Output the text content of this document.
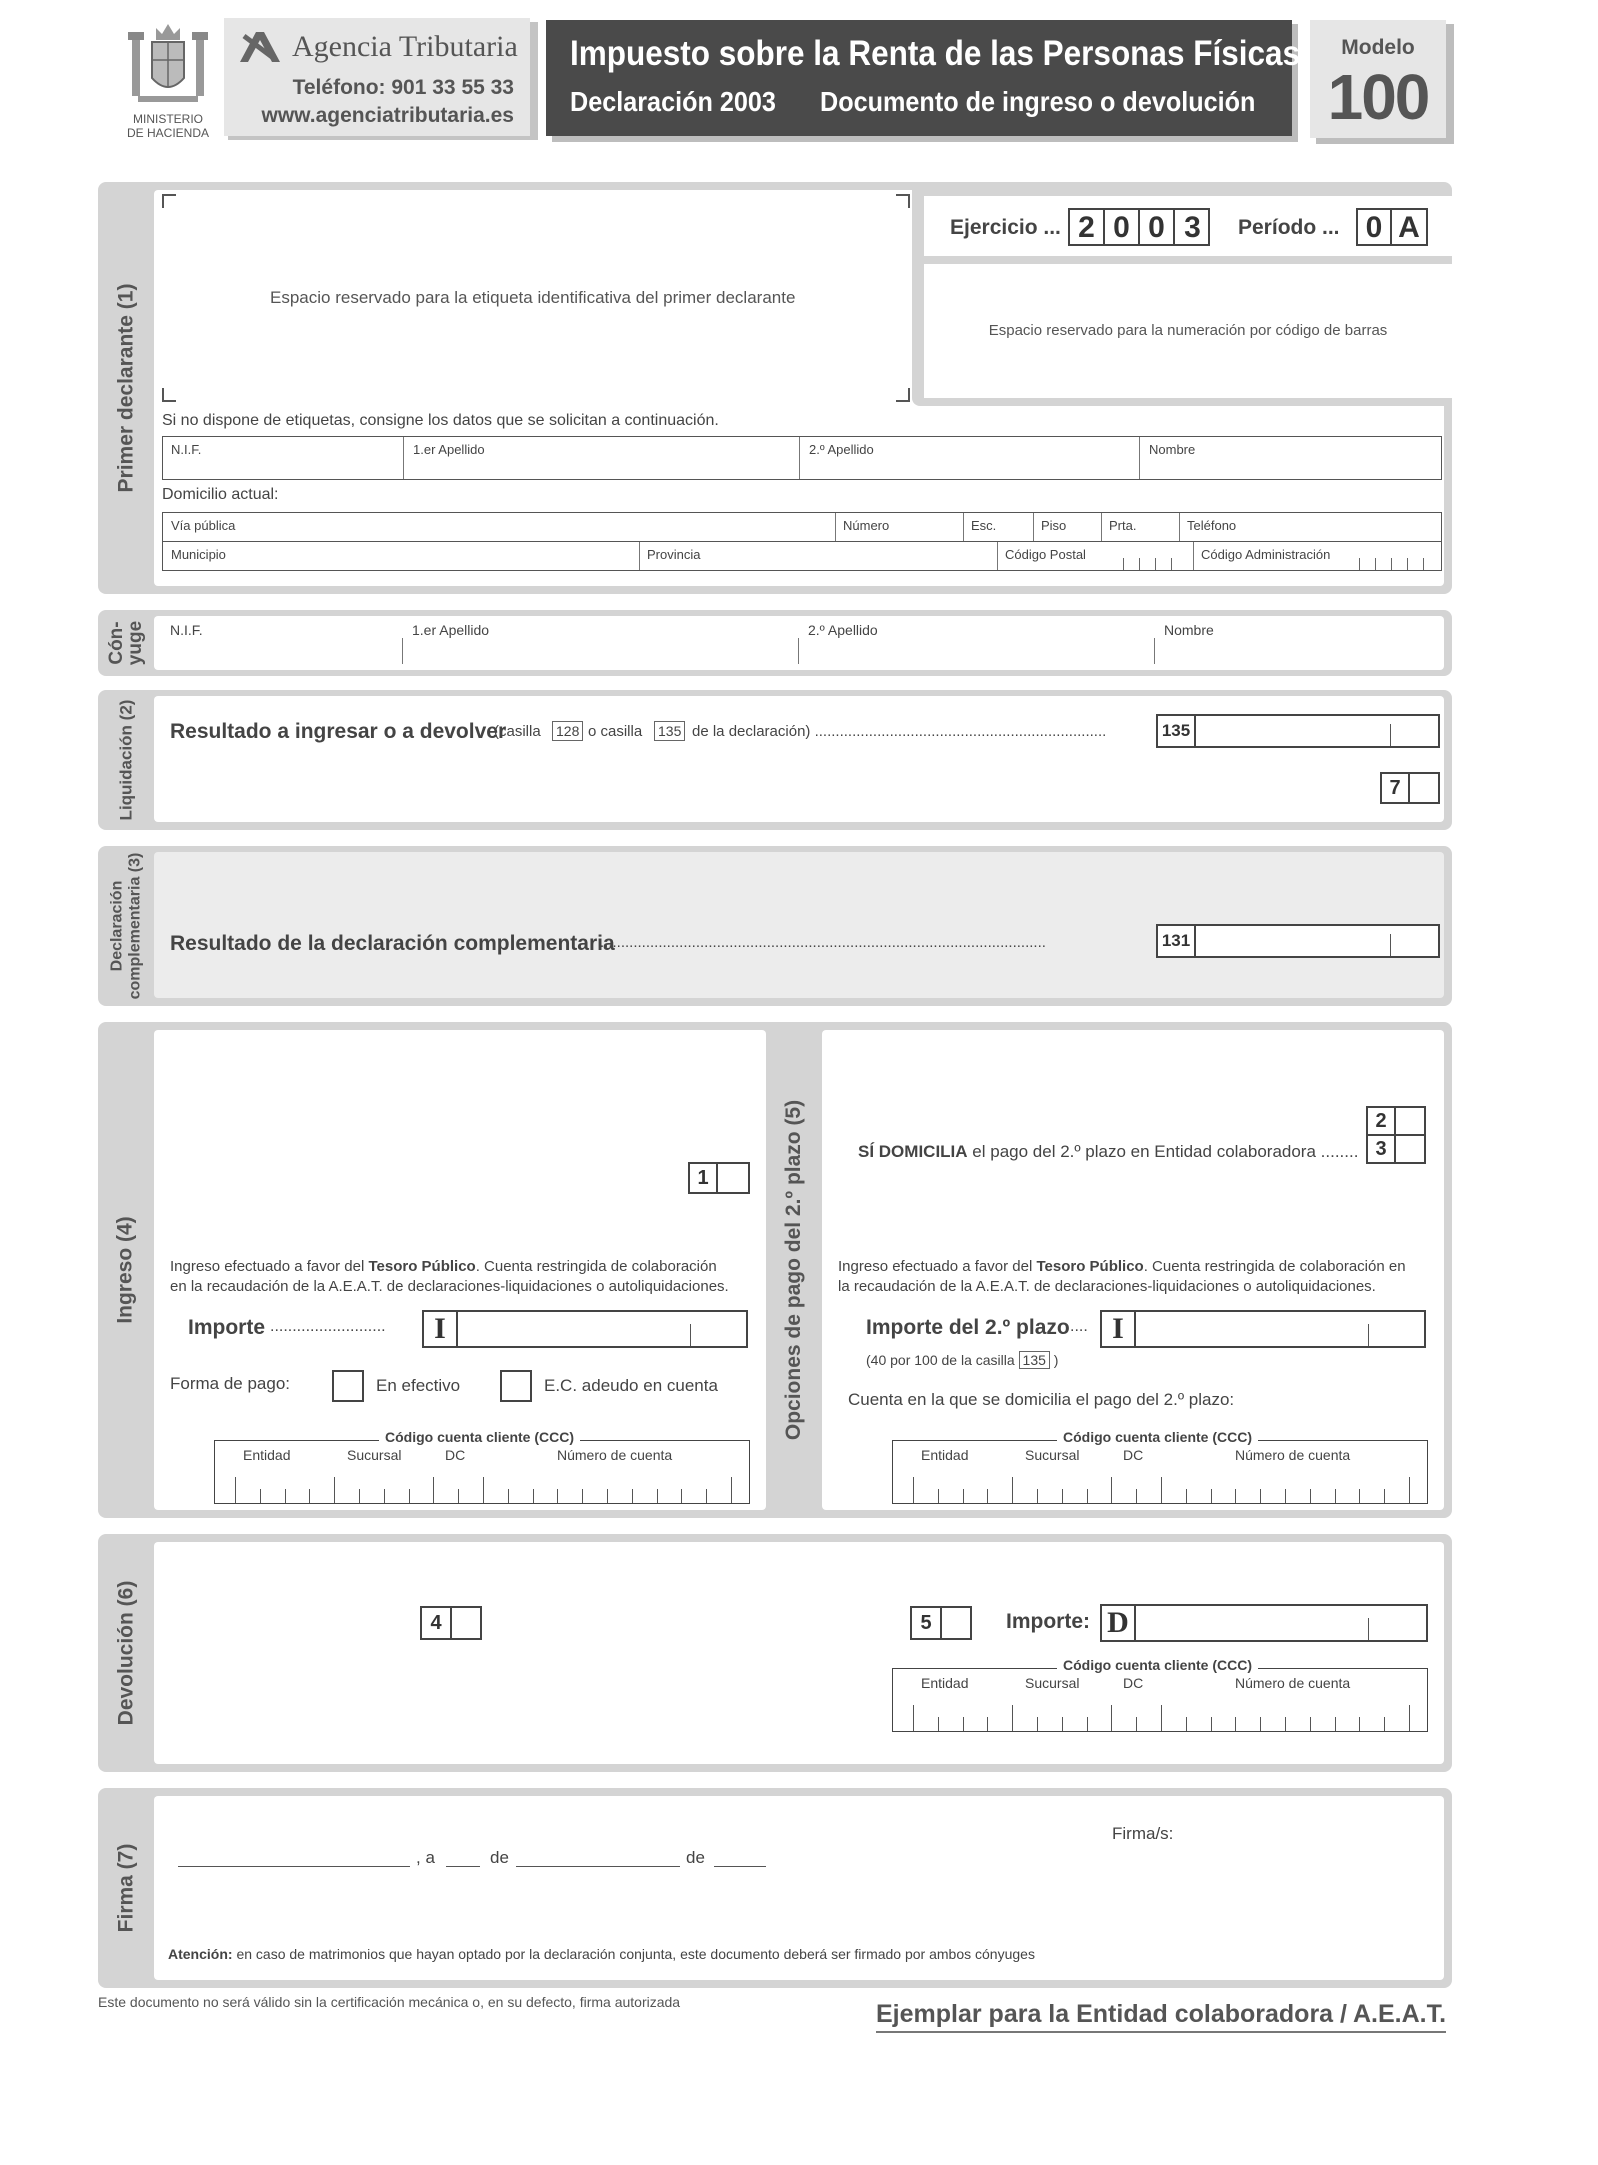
MINISTERIO
DE HACIENDA
Agencia Tributaria
Teléfono: 901 33 55 33
www.agenciatributaria.es
Impuesto sobre la Renta de las Personas Físicas
Declaración 2003 Documento de ingreso o devolución
Modelo
100
Primer declarante (1)	Espacio reservado para la etiqueta identificativa del primer declarante
Ejercicio ... 2 0 0 3	Período ... 0 A
Espacio reservado para la numeración por código de barras
Si no dispone de etiquetas, consigne los datos que se solicitan a continuación.
N.I.F.	1.er Apellido	2.º Apellido	Nombre
Domicilio actual:
Vía pública	Número	Esc.	Piso	Prta.	Teléfono
Municipio	Provincia	Código Postal	Código Administración
Cón-yuge N.I.F.	1.er Apellido	2.º Apellido	Nombre
Liquidación (2) Resultado a ingresar o a devolver
(casilla 128 o casilla 135 de la declaración) ......................................................................	135
7
Declaración complementaria (3) Resultado de la declaración complementaria
...........................................................................................................	131
Ingreso (4)
1
Ingreso efectuado a favor del Tesoro Público. Cuenta restringida de colaboración
en la recaudación de la A.E.A.T. de declaraciones-liquidaciones o autoliquidaciones.
Importe ..........................	I
Forma de pago:	En efectivo	E.C. adeudo en cuenta
Código cuenta cliente (CCC)
Entidad	Sucursal	DC	Número de cuenta
Opciones de pago del 2.º plazo (5)	SÍ DOMICILIA el pago del 2.º plazo en Entidad colaboradora ........
2
3
Ingreso efectuado a favor del Tesoro Público. Cuenta restringida de colaboración en
la recaudación de la A.E.A.T. de declaraciones-liquidaciones o autoliquidaciones.
Importe del 2.º plazo .... I
(40 por 100 de la casilla 135 )
Cuenta en la que se domicilia el pago del 2.º plazo:
Código cuenta cliente (CCC)
Entidad	Sucursal	DC	Número de cuenta
Devolución (6)	4	5	Importe: D
Código cuenta cliente (CCC)
Entidad	Sucursal	DC	Número de cuenta
Firma (7)
Firma/s:
, a	de	de
Atención: en caso de matrimonios que hayan optado por la declaración conjunta, este documento deberá ser firmado por ambos cónyuges
Este documento no será válido sin la certificación mecánica o, en su defecto, firma autorizada	Ejemplar para la Entidad colaboradora / A.E.A.T.
